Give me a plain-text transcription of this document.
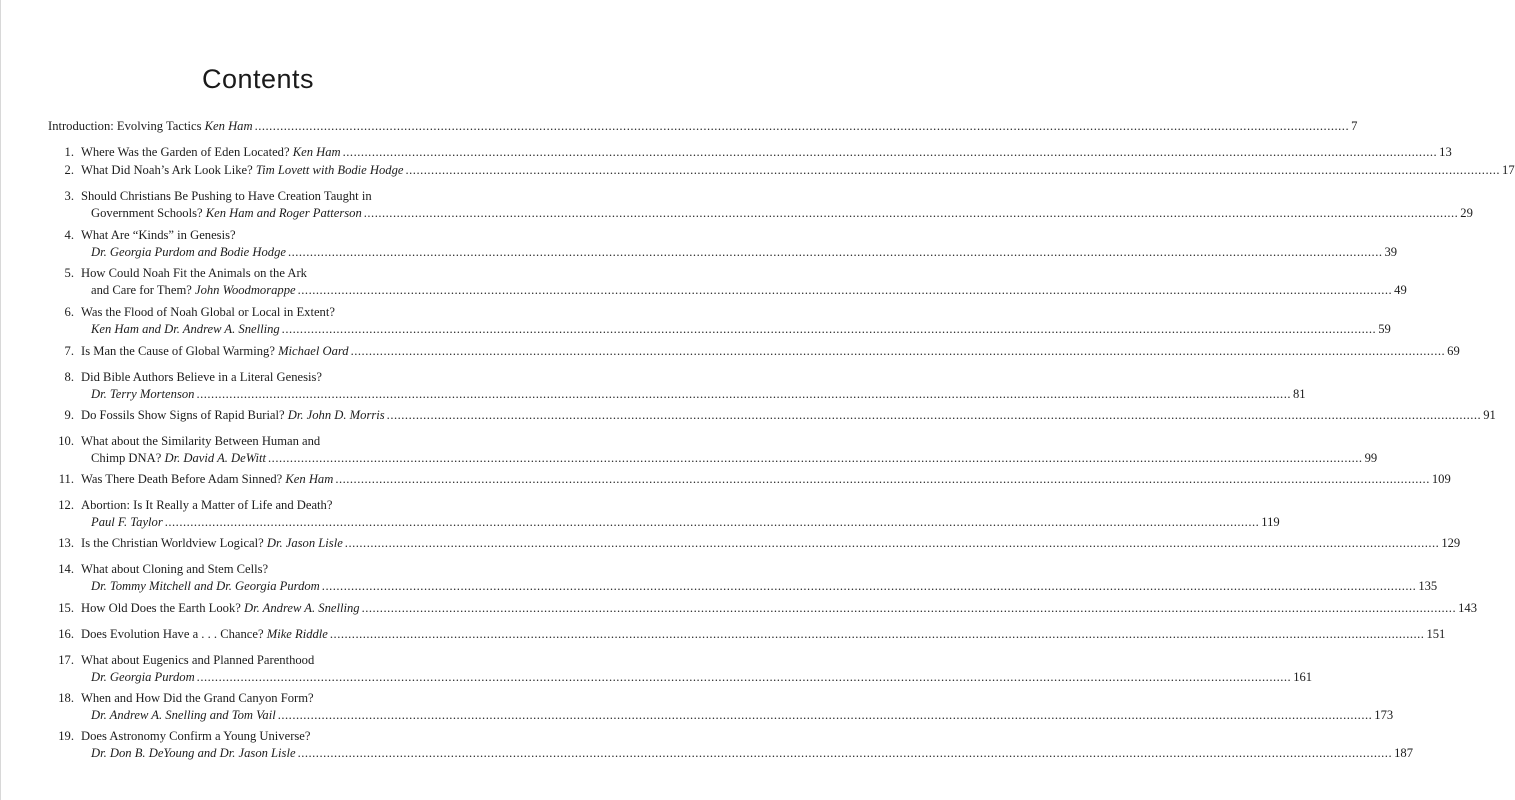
Contents
Introduction: Evolving Tactics Ken Ham ............................................................................................................................................................................................................................................................................................................ 7
1. Where Was the Garden of Eden Located? Ken Ham ............................................................................................................................................................................................................................................................................................................ 13
2. What Did Noah’s Ark Look Like? Tim Lovett with Bodie Hodge ............................................................................................................................................................................................................................................................................................................ 17
3. Should Christians Be Pushing to Have Creation Taught in
Government Schools? Ken Ham and Roger Patterson ............................................................................................................................................................................................................................................................................................................ 29
4. What Are “Kinds” in Genesis?
Dr. Georgia Purdom and Bodie Hodge ............................................................................................................................................................................................................................................................................................................ 39
5. How Could Noah Fit the Animals on the Ark
and Care for Them? John Woodmorappe ............................................................................................................................................................................................................................................................................................................ 49
6. Was the Flood of Noah Global or Local in Extent?
Ken Ham and Dr. Andrew A. Snelling ............................................................................................................................................................................................................................................................................................................ 59
7. Is Man the Cause of Global Warming? Michael Oard ............................................................................................................................................................................................................................................................................................................ 69
8. Did Bible Authors Believe in a Literal Genesis?
Dr. Terry Mortenson ............................................................................................................................................................................................................................................................................................................ 81
9. Do Fossils Show Signs of Rapid Burial? Dr. John D. Morris ............................................................................................................................................................................................................................................................................................................ 91
10. What about the Similarity Between Human and
Chimp DNA? Dr. David A. DeWitt ............................................................................................................................................................................................................................................................................................................ 99
11. Was There Death Before Adam Sinned? Ken Ham ............................................................................................................................................................................................................................................................................................................ 109
12. Abortion: Is It Really a Matter of Life and Death?
Paul F. Taylor ............................................................................................................................................................................................................................................................................................................ 119
13. Is the Christian Worldview Logical? Dr. Jason Lisle ............................................................................................................................................................................................................................................................................................................ 129
14. What about Cloning and Stem Cells?
Dr. Tommy Mitchell and Dr. Georgia Purdom ............................................................................................................................................................................................................................................................................................................ 135
15. How Old Does the Earth Look? Dr. Andrew A. Snelling ............................................................................................................................................................................................................................................................................................................ 143
16. Does Evolution Have a . . . Chance? Mike Riddle ............................................................................................................................................................................................................................................................................................................ 151
17. What about Eugenics and Planned Parenthood
Dr. Georgia Purdom ............................................................................................................................................................................................................................................................................................................ 161
18. When and How Did the Grand Canyon Form?
Dr. Andrew A. Snelling and Tom Vail ............................................................................................................................................................................................................................................................................................................ 173
19. Does Astronomy Confirm a Young Universe?
Dr. Don B. DeYoung and Dr. Jason Lisle ............................................................................................................................................................................................................................................................................................................ 187
